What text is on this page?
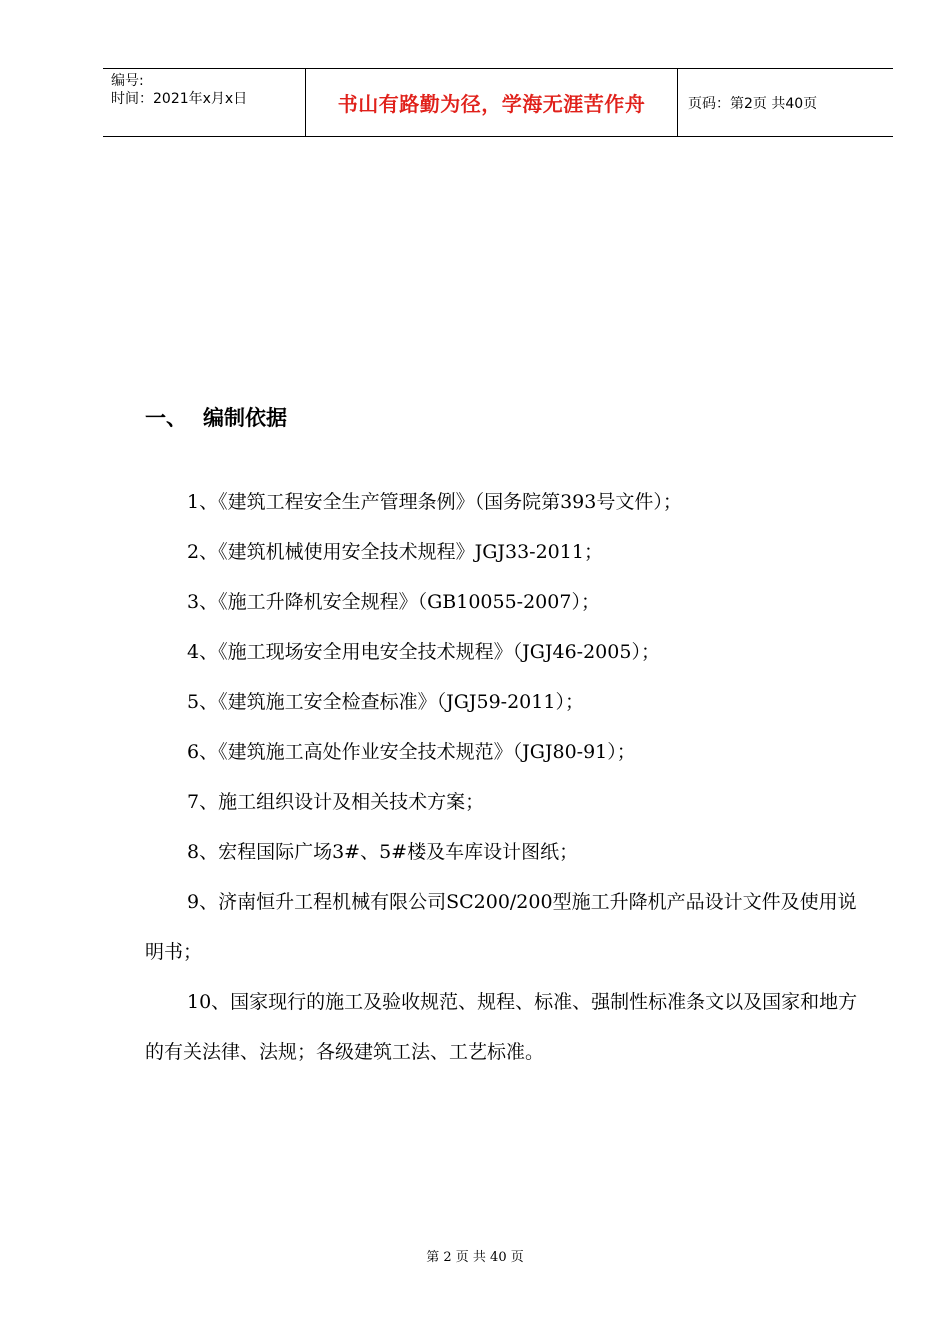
编号:
时间：2021年x月x日	书山有路勤为径，学海无涯苦作舟	页码：第2页 共40页
一、 编制依据

1、《建筑工程安全生产管理条例》（国务院第393号文件）；

2、《建筑机械使用安全技术规程》JGJ33-2011；

3、《施工升降机安全规程》（GB10055-2007）；

4、《施工现场安全用电安全技术规程》（JGJ46-2005）；

5、《建筑施工安全检查标准》（JGJ59-2011）；

6、《建筑施工高处作业安全技术规范》（JGJ80-91）；

7、施工组织设计及相关技术方案；

8、宏程国际广场3#、5#楼及车库设计图纸；

9、济南恒升工程机械有限公司SC200/200型施工升降机产品设计文件及使用说明书；

10、国家现行的施工及验收规范、规程、标准、强制性标准条文以及国家和地方的有关法律、法规；各级建筑工法、工艺标准。

第 2 页 共 40 页
